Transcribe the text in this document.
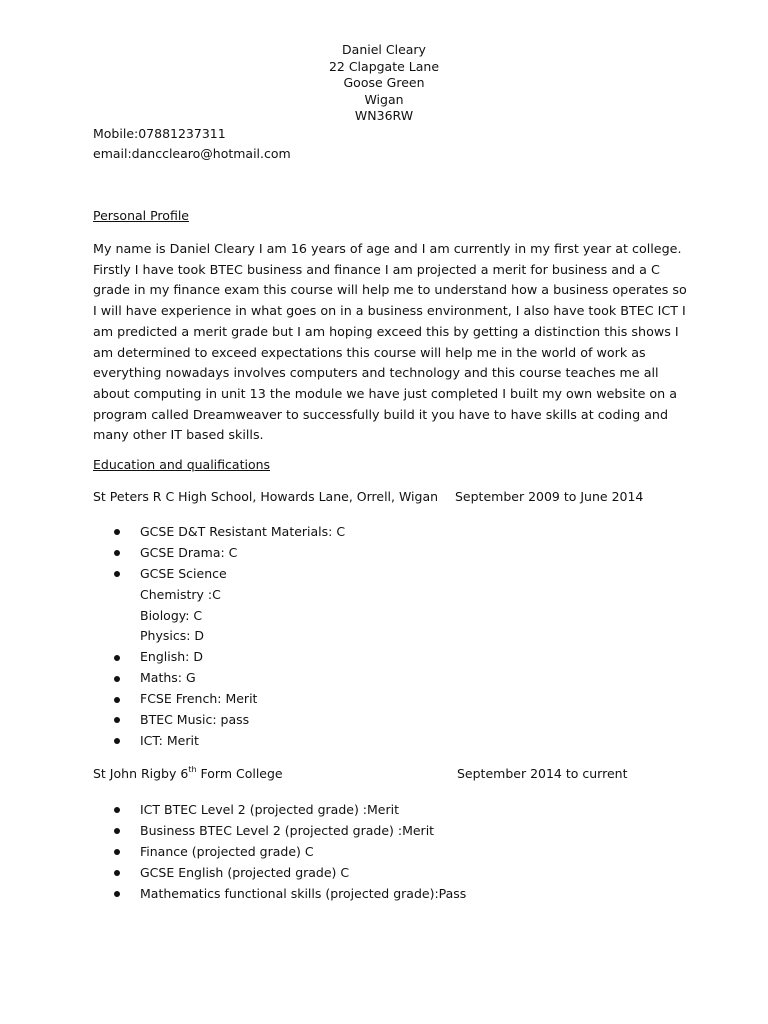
Daniel Cleary
22 Clapgate Lane
Goose Green
Wigan
WN36RW
Mobile:07881237311
email:dancclearo@hotmail.com
Personal Profile
My name is Daniel Cleary I am 16 years of age and I am currently in my first year at college.
Firstly I have took BTEC business and finance I am projected a merit for business and a C
grade in my finance exam this course will help me to understand how a business operates so
I will have experience in what goes on in a business environment, I also have took BTEC ICT I
am predicted a merit grade but I am hoping exceed this by getting a distinction this shows I
am determined to exceed expectations this course will help me in the world of work as
everything nowadays involves computers and technology and this course teaches me all
about computing in unit 13 the module we have just completed I built my own website on a
program called Dreamweaver to successfully build it you have to have skills at coding and
many other IT based skills.
Education and qualifications
St Peters R C High School, Howards Lane, Orrell, Wigan September 2009 to June 2014
GCSE D&T Resistant Materials: C
GCSE Drama: C
GCSE Science
Chemistry :C
Biology: C
Physics: D
English: D
Maths: G
FCSE French: Merit
BTEC Music: pass
ICT: Merit
St John Rigby 6th Form College	September 2014 to current
ICT BTEC Level 2 (projected grade) :Merit
Business BTEC Level 2 (projected grade) :Merit
Finance (projected grade) C
GCSE English (projected grade) C
Mathematics functional skills (projected grade):Pass
